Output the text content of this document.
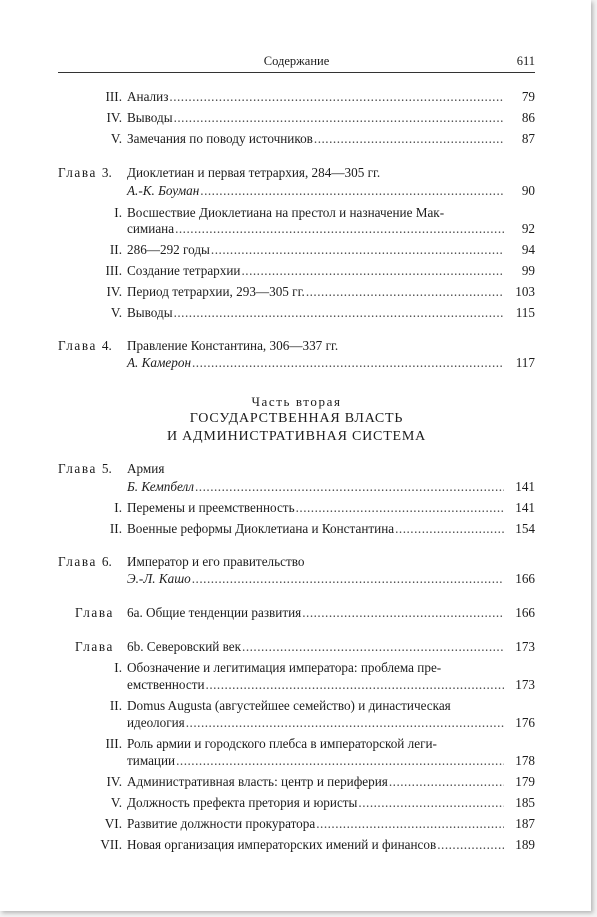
Содержание	611
III. Анализ .....	79
IV. Выводы .....	86
V. Замечания по поводу источников .....	87
Глава 3. Диоклетиан и первая тетрархия, 284—305 гг.
А.-К. Боуман .....	90
I. Восшествие Диоклетиана на престол и назначение Мак-
симиана .....	92
II. 286—292 годы .....	94
III. Создание тетрархии .....	99
IV. Период тетрархии, 293—305 гг. .....	103
V. Выводы .....	115
Глава 4. Правление Константина, 306—337 гг.
А. Камерон .....	117
Часть вторая
ГОСУДАРСТВЕННАЯ ВЛАСТЬ
И АДМИНИСТРАТИВНАЯ СИСТЕМА
Глава 5. Армия
Б. Кемпбелл .....	141
I. Перемены и преемственность .....	141
II. Военные реформы Диоклетиана и Константина .....	154
Глава 6. Император и его правительство
Э.-Л. Кашо .....	166
Глава 6а. Общие тенденции развития .....	166
Глава 6b. Северовский век .....	173
I. Обозначение и легитимация императора: проблема пре-
емственности .....	173
II. Domus Augusta (августейшее семейство) и династическая
идеология .....	176
III. Роль армии и городского плебса в императорской леги-
тимации .....	178
IV. Административная власть: центр и периферия .....	179
V. Должность префекта претория и юристы .....	185
VI. Развитие должности прокуратора .....	187
VII. Новая организация императорских имений и финансов .....	189
